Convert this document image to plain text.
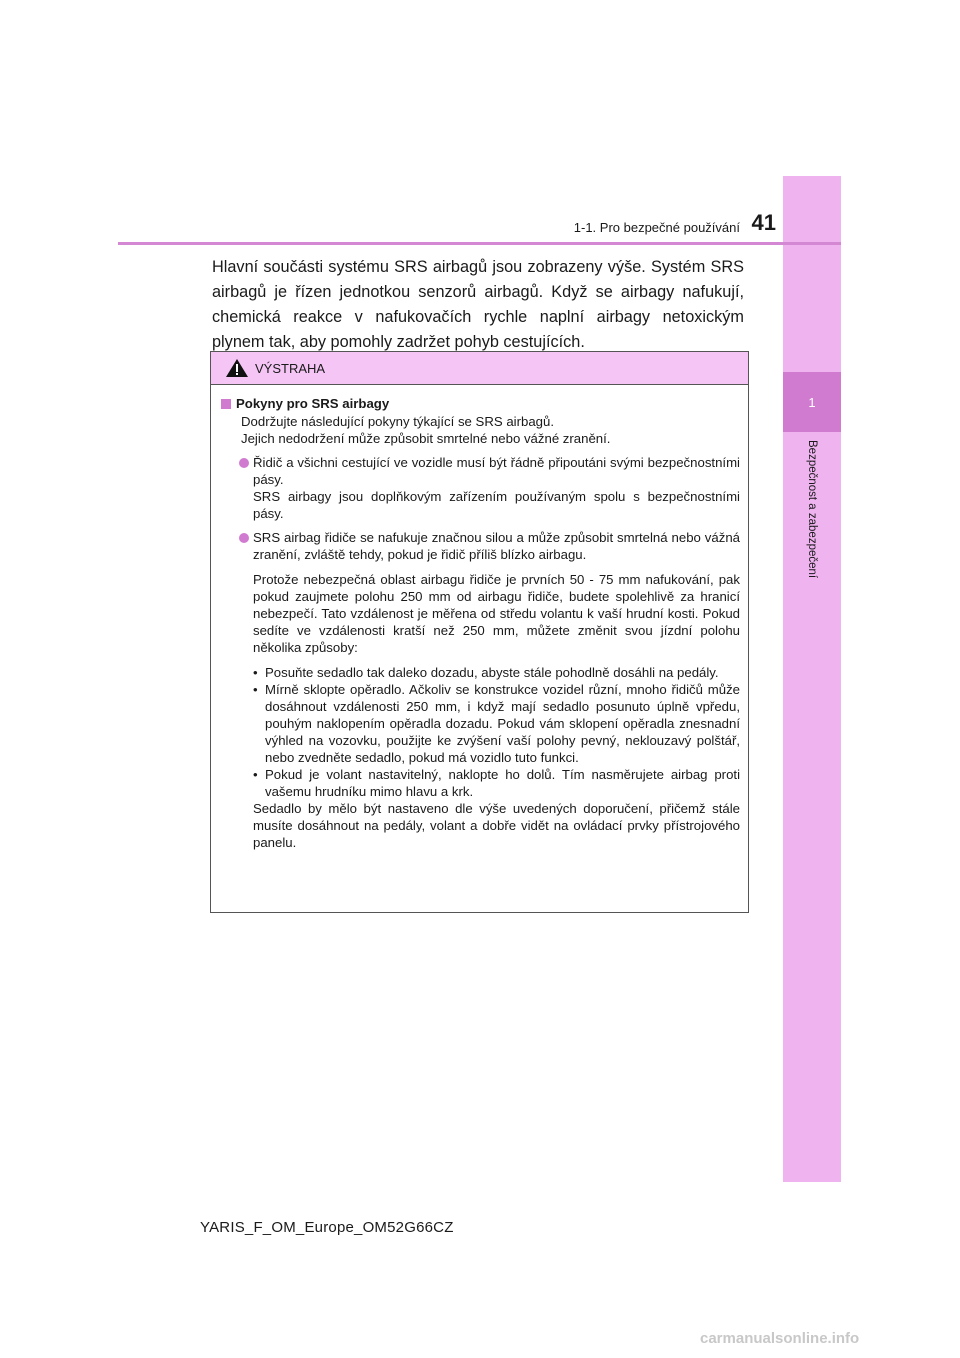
1
Bezpečnost a zabezpečení
1-1. Pro bezpečné používání 41

Hlavní součásti systému SRS airbagů jsou zobrazeny výše. Systém SRS airbagů je řízen jednotkou senzorů airbagů. Když se airbagy nafukují, chemická reakce v nafukovačích rychle naplní airbagy netoxickým plynem tak, aby pomohly zadržet pohyb cestujících.

VÝSTRAHA
Pokyny pro SRS airbagy

Dodržujte následující pokyny týkající se SRS airbagů.

Jejich nedodržení může způsobit smrtelné nebo vážné zranění.

Řidič a všichni cestující ve vozidle musí být řádně připoutáni svými bezpečnostními pásy.

SRS airbagy jsou doplňkovým zařízením používaným spolu s bezpečnostními pásy.

SRS airbag řidiče se nafukuje značnou silou a může způsobit smrtelná nebo vážná zranění, zvláště tehdy, pokud je řidič příliš blízko airbagu.

Protože nebezpečná oblast airbagu řidiče je prvních 50 - 75 mm nafukování, pak pokud zaujmete polohu 250 mm od airbagu řidiče, budete spolehlivě za hranicí nebezpečí. Tato vzdálenost je měřena od středu volantu k vaší hrudní kosti. Pokud sedíte ve vzdálenosti kratší než 250 mm, můžete změnit svou jízdní polohu několika způsoby:

• Posuňte sedadlo tak daleko dozadu, abyste stále pohodlně dosáhli na pedály.
• Mírně sklopte opěradlo. Ačkoliv se konstrukce vozidel různí, mnoho řidičů může dosáhnout vzdálenosti 250 mm, i když mají sedadlo posunuto úplně vpředu, pouhým naklopením opěradla dozadu. Pokud vám sklopení opěradla znesnadní výhled na vozovku, použijte ke zvýšení vaší polohy pevný, neklouzavý polštář, nebo zvedněte sedadlo, pokud má vozidlo tuto funkci.
• Pokud je volant nastavitelný, naklopte ho dolů. Tím nasměrujete airbag proti vašemu hrudníku mimo hlavu a krk.

Sedadlo by mělo být nastaveno dle výše uvedených doporučení, přičemž stále musíte dosáhnout na pedály, volant a dobře vidět na ovládací prvky přístrojového panelu.

YARIS_F_OM_Europe_OM52G66CZ
carmanualsonline.info
